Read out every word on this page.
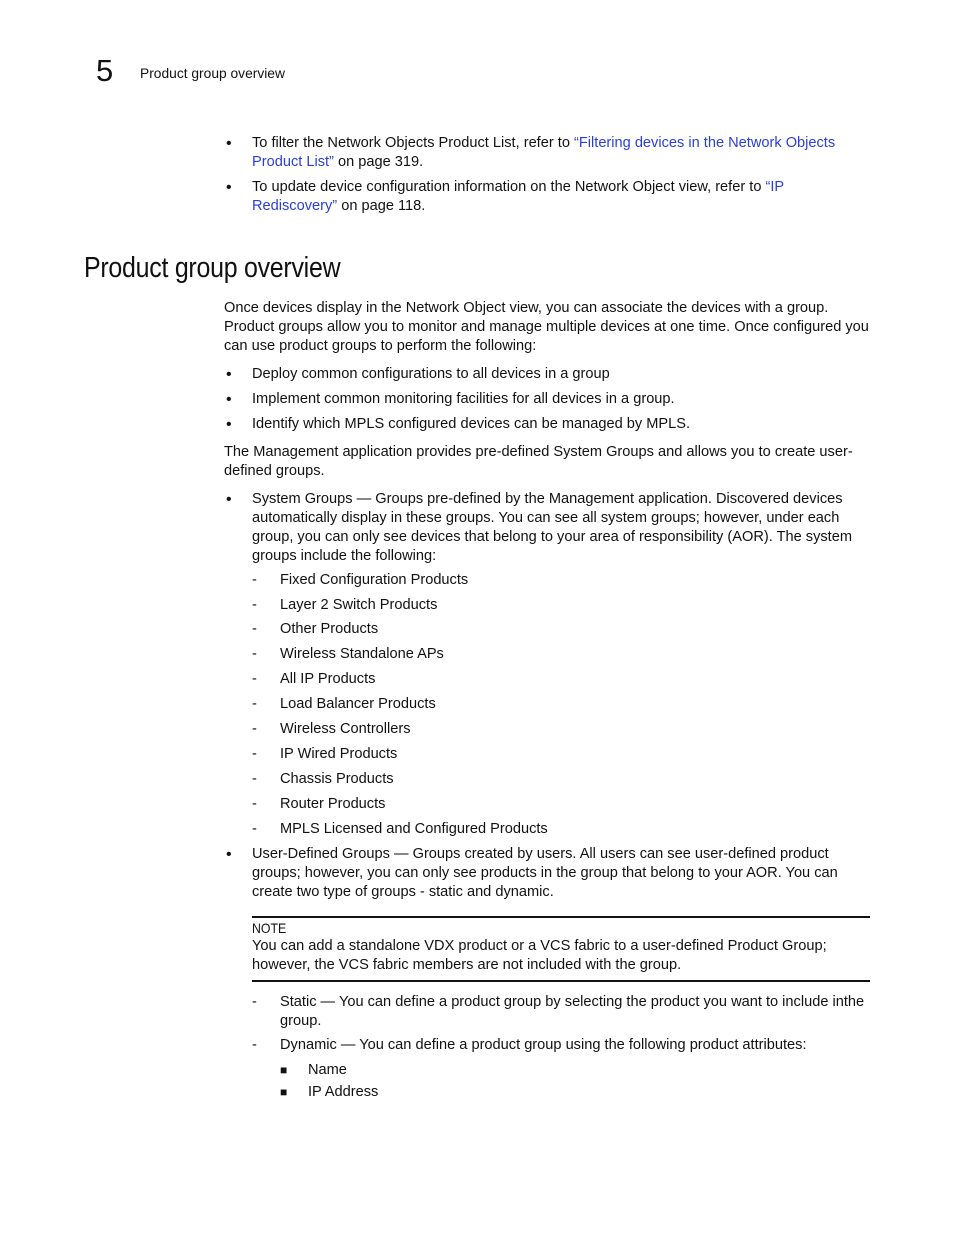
5 Product group overview
• To filter the Network Objects Product List, refer to “Filtering devices in the Network Objects Product List” on page 319.
• To update device configuration information on the Network Object view, refer to “IP Rediscovery” on page 118.
Product group overview
Once devices display in the Network Object view, you can associate the devices with a group. Product groups allow you to monitor and manage multiple devices at one time. Once configured you can use product groups to perform the following:
• Deploy common configurations to all devices in a group
• Implement common monitoring facilities for all devices in a group.
• Identify which MPLS configured devices can be managed by MPLS.
The Management application provides pre-defined System Groups and allows you to create user-defined groups.
• System Groups — Groups pre-defined by the Management application. Discovered devices automatically display in these groups. You can see all system groups; however, under each group, you can only see devices that belong to your area of responsibility (AOR). The system groups include the following:
- Fixed Configuration Products
- Layer 2 Switch Products
- Other Products
- Wireless Standalone APs
- All IP Products
- Load Balancer Products
- Wireless Controllers
- IP Wired Products
- Chassis Products
- Router Products
- MPLS Licensed and Configured Products
• User-Defined Groups — Groups created by users. All users can see user-defined product groups; however, you can only see products in the group that belong to your AOR. You can create two type of groups - static and dynamic.
NOTE
You can add a standalone VDX product or a VCS fabric to a user-defined Product Group; however, the VCS fabric members are not included with the group.
- Static — You can define a product group by selecting the product you want to include inthe group.
- Dynamic — You can define a product group using the following product attributes:
■ Name
■ IP Address
